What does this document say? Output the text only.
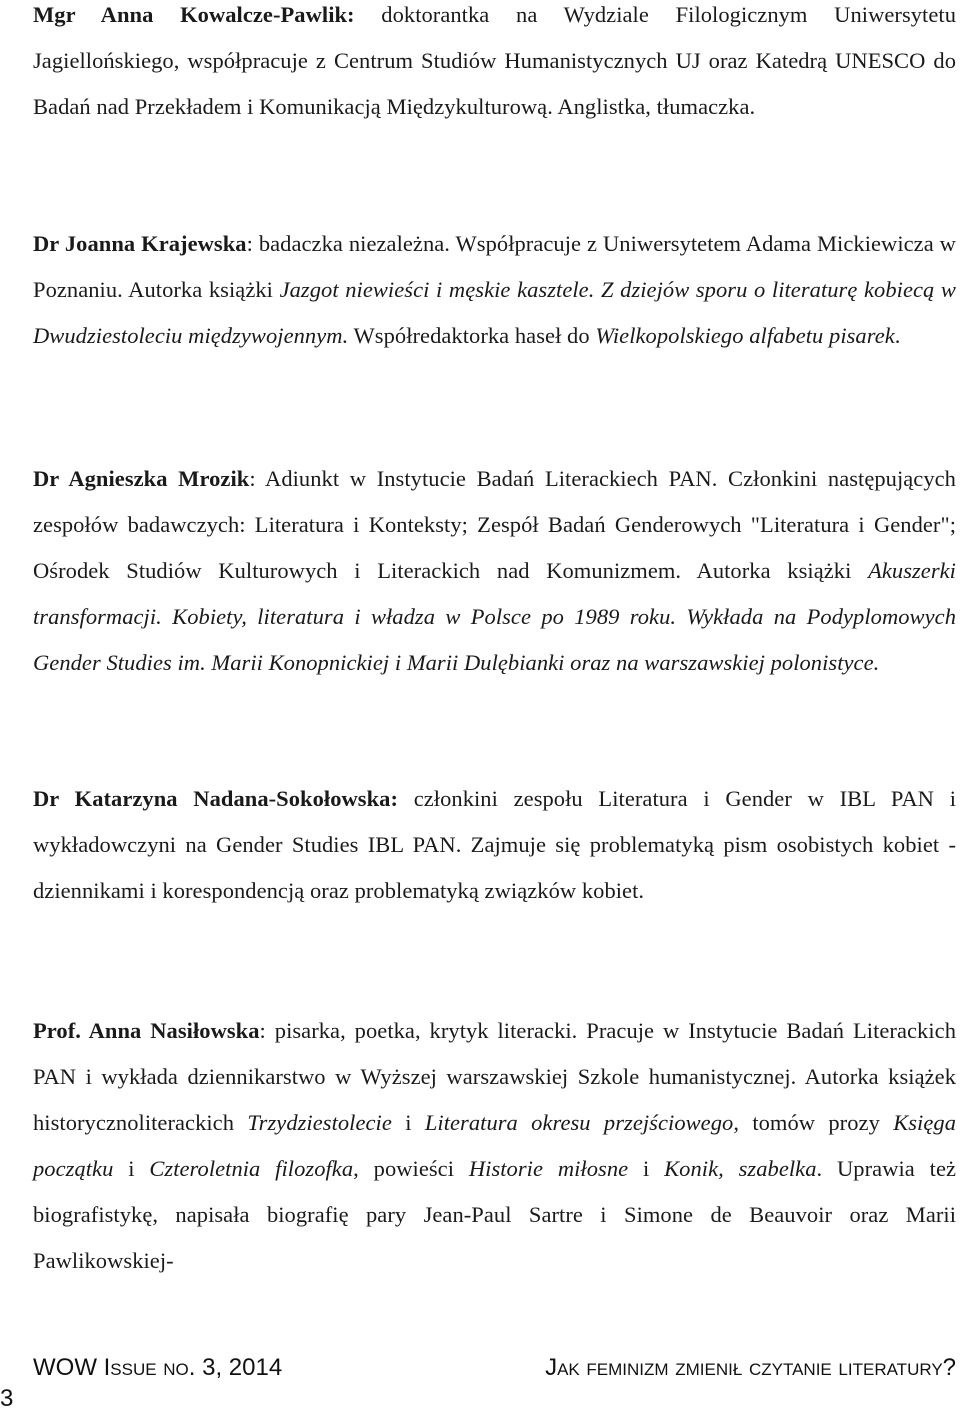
Mgr Anna Kowalcze-Pawlik: doktorantka na Wydziale Filologicznym Uniwersytetu Jagiellońskiego, współpracuje z Centrum Studiów Humanistycznych UJ oraz Katedrą UNESCO do Badań nad Przekładem i Komunikacją Międzykulturową. Anglistka, tłumaczka.

Dr Joanna Krajewska: badaczka niezależna. Współpracuje z Uniwersytetem Adama Mickiewicza w Poznaniu. Autorka książki Jazgot niewieści i męskie kasztele. Z dziejów sporu o literaturę kobiecą w Dwudziestoleciu międzywojennym. Współredaktorka haseł do Wielkopolskiego alfabetu pisarek.

Dr Agnieszka Mrozik: Adiunkt w Instytucie Badań Literackiech PAN. Członkini następujących zespołów badawczych: Literatura i Konteksty; Zespół Badań Genderowych "Literatura i Gender"; Ośrodek Studiów Kulturowych i Literackich nad Komunizmem. Autorka książki Akuszerki transformacji. Kobiety, literatura i władza w Polsce po 1989 roku. Wykłada na Podyplomowych Gender Studies im. Marii Konopnickiej i Marii Dulębianki oraz na warszawskiej polonistyce.

Dr Katarzyna Nadana-Sokołowska: członkini zespołu Literatura i Gender w IBL PAN i wykładowczyni na Gender Studies IBL PAN. Zajmuje się problematyką pism osobistych kobiet - dziennikami i korespondencją oraz problematyką związków kobiet.

Prof. Anna Nasiłowska: pisarka, poetka, krytyk literacki. Pracuje w Instytucie Badań Literackich PAN i wykłada dziennikarstwo w Wyższej warszawskiej Szkole humanistycznej. Autorka książek historycznoliterackich Trzydziestolecie i Literatura okresu przejściowego, tomów prozy Księga początku i Czteroletnia filozofka, powieści Historie miłosne i Konik, szabelka. Uprawia też biografistykę, napisała biografię pary Jean-Paul Sartre i Simone de Beauvoir oraz Marii Pawlikowskiej-

WOW Issue no. 3, 2014	Jak feminizm zmienił czytanie literatury?
3
